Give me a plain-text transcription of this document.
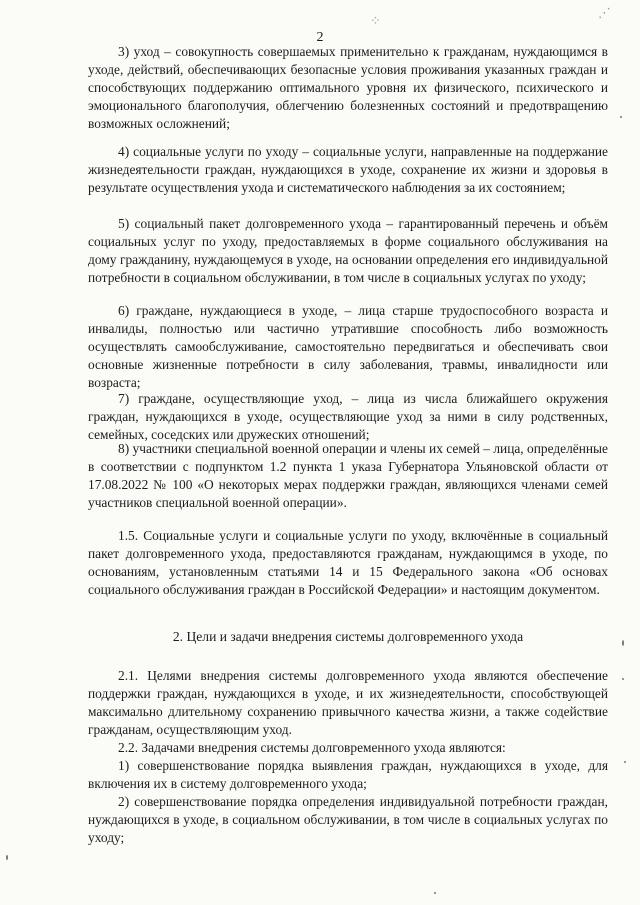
2

3) уход – совокупность совершаемых применительно к гражданам, нуждающимся в уходе, действий, обеспечивающих безопасные условия проживания указанных граждан и способствующих поддержанию оптимального уровня их физического, психического и эмоционального благополучия, облегчению болезненных состояний и предотвращению возможных осложнений;

4) социальные услуги по уходу – социальные услуги, направленные на поддержание жизнедеятельности граждан, нуждающихся в уходе, сохранение их жизни и здоровья в результате осуществления ухода и систематического наблюдения за их состоянием;

5) социальный пакет долговременного ухода – гарантированный перечень и объём социальных услуг по уходу, предоставляемых в форме социального обслуживания на дому гражданину, нуждающемуся в уходе, на основании определения его индивидуальной потребности в социальном обслуживании, в том числе в социальных услугах по уходу;

6) граждане, нуждающиеся в уходе, – лица старше трудоспособного возраста и инвалиды, полностью или частично утратившие способность либо возможность осуществлять самообслуживание, самостоятельно передвигаться и обеспечивать свои основные жизненные потребности в силу заболевания, травмы, инвалидности или возраста;

7) граждане, осуществляющие уход, – лица из числа ближайшего окружения граждан, нуждающихся в уходе, осуществляющие уход за ними в силу родственных, семейных, соседских или дружеских отношений;

8) участники специальной военной операции и члены их семей – лица, определённые в соответствии с подпунктом 1.2 пункта 1 указа Губернатора Ульяновской области от 17.08.2022 № 100 «О некоторых мерах поддержки граждан, являющихся членами семей участников специальной военной операции».

1.5. Социальные услуги и социальные услуги по уходу, включённые в социальный пакет долговременного ухода, предоставляются гражданам, нуждающимся в уходе, по основаниям, установленным статьями 14 и 15 Федерального закона «Об основах социального обслуживания граждан в Российской Федерации» и настоящим документом.

2. Цели и задачи внедрения системы долговременного ухода

2.1. Целями внедрения системы долговременного ухода являются обеспечение поддержки граждан, нуждающихся в уходе, и их жизнедеятельности, способствующей максимально длительному сохранению привычного качества жизни, а также содействие гражданам, осуществляющим уход.

2.2. Задачами внедрения системы долговременного ухода являются:

1) совершенствование порядка выявления граждан, нуждающихся в уходе, для включения их в систему долговременного ухода;

2) совершенствование порядка определения индивидуальной потребности граждан, нуждающихся в уходе, в социальном обслуживании, в том числе в социальных услугах по уходу;

⁘
⋰
